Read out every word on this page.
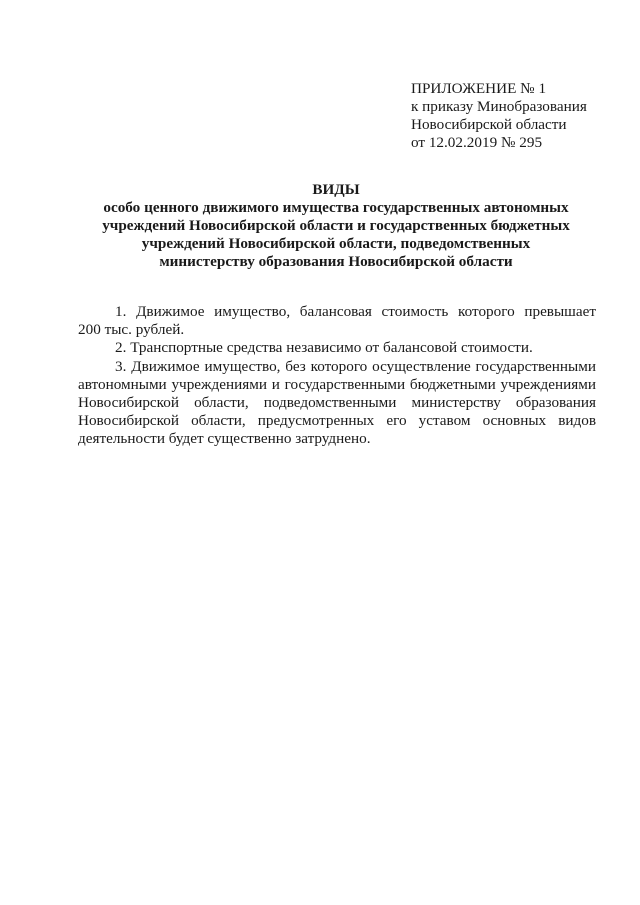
ПРИЛОЖЕНИЕ № 1
к приказу Минобразования
Новосибирской области
от 12.02.2019 № 295
ВИДЫ
особо ценного движимого имущества государственных автономных
учреждений Новосибирской области и государственных бюджетных
учреждений Новосибирской области, подведомственных
министерству образования Новосибирской области
1. Движимое имущество, балансовая стоимость которого превышает
200 тыс. рублей.
2. Транспортные средства независимо от балансовой стоимости.
3. Движимое имущество, без которого осуществление государственными
автономными учреждениями и государственными бюджетными учреждениями
Новосибирской области, подведомственными министерству образования
Новосибирской области, предусмотренных его уставом основных видов
деятельности будет существенно затруднено.
